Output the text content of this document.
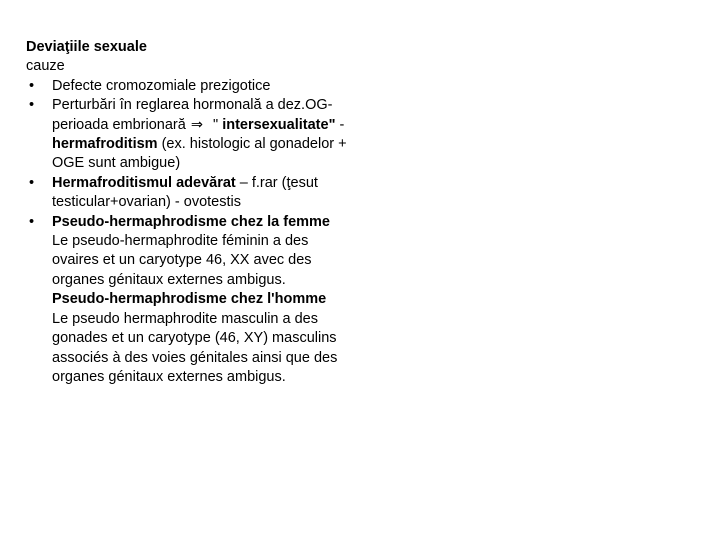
Deviaţiile sexuale
cauze
• Defecte cromozomiale prezigotice
• Perturbări în reglarea hormonală a dez.OG-perioada embrionară ⇒ " intersexualitate" - hermafroditism (ex. histologic al gonadelor + OGE sunt ambigue)
• Hermafroditismul adevărat – f.rar (ţesut testicular+ovarian) - ovotestis
• Pseudo-hermaphrodisme chez la femme
Le pseudo-hermaphrodite féminin a des ovaires et un caryotype 46, XX avec des organes génitaux externes ambigus.
Pseudo-hermaphrodisme chez l'homme
Le pseudo hermaphrodite masculin a des gonades et un caryotype (46, XY) masculins associés à des voies génitales ainsi que des organes génitaux externes ambigus.
